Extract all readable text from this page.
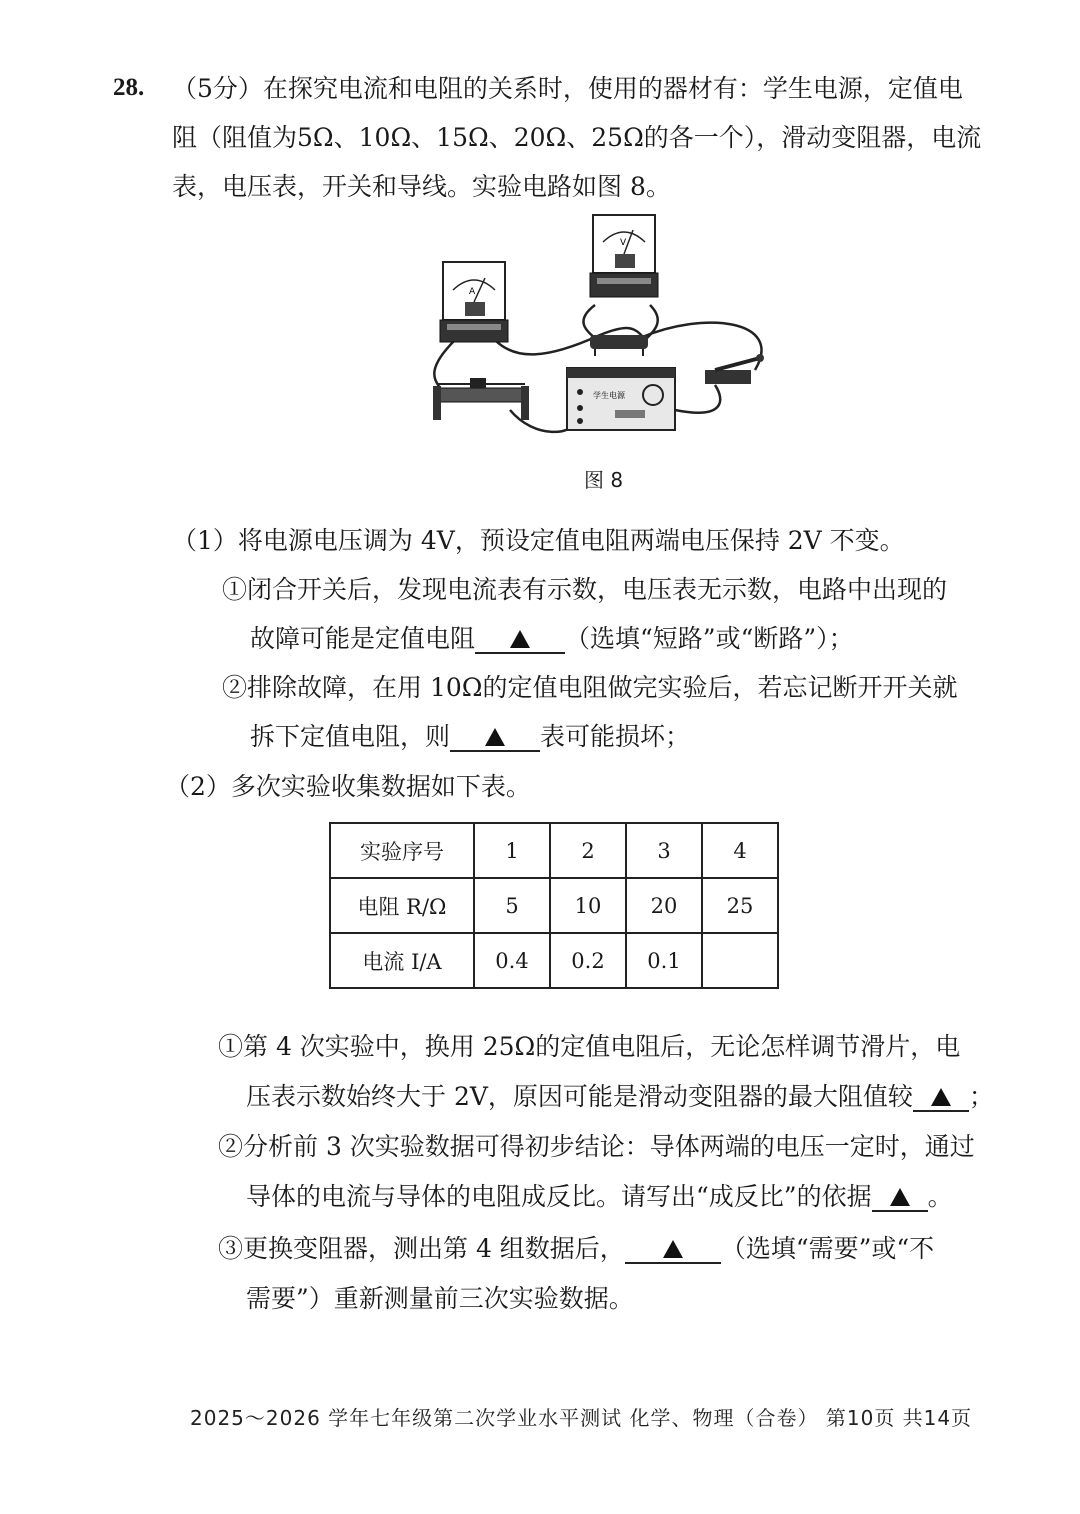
28. （5分）在探究电流和电阻的关系时，使用的器材有：学生电源，定值电
阻（阻值为5Ω、10Ω、15Ω、20Ω、25Ω的各一个），滑动变阻器，电流
表，电压表，开关和导线。实验电路如图 8。
A
V
学生电源
图 8
（1）将电源电压调为 4V，预设定值电阻两端电压保持 2V 不变。
①闭合开关后，发现电流表有示数，电压表无示数，电路中出现的
故障可能是定值电阻	（选填“短路”或“断路”）；
②排除故障，在用 10Ω的定值电阻做完实验后，若忘记断开开关就
拆下定值电阻，则	表可能损坏；
（2）多次实验收集数据如下表。
实验序号	1	2	3	4
电阻 R/Ω	5	10	20	25
电流 I/A	0.4	0.2	0.1	
①第 4 次实验中，换用 25Ω的定值电阻后，无论怎样调节滑片，电
压表示数始终大于 2V，原因可能是滑动变阻器的最大阻值较 ；
②分析前 3 次实验数据可得初步结论：导体两端的电压一定时，通过
导体的电流与导体的电阻成反比。请写出“成反比”的依据 。
③更换变阻器，测出第 4 组数据后，	（选填“需要”或“不
需要”）重新测量前三次实验数据。
2025～2026 学年七年级第二次学业水平测试 化学、物理（合卷） 第10页 共14页
